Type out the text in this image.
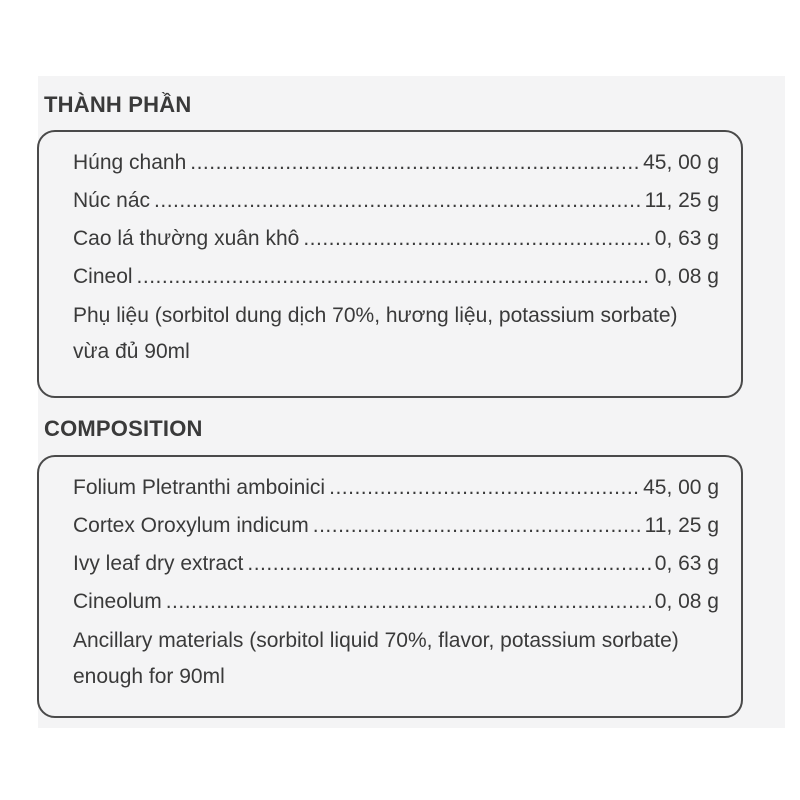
THÀNH PHẦN
Húng chanh .....	45, 00 g
Núc nác .....	11, 25 g
Cao lá thường xuân khô .....	0, 63 g
Cineol .....	0, 08 g
Phụ liệu (sorbitol dung dịch 70%, hương liệu, potassium sorbate) vừa đủ 90ml
COMPOSITION
Folium Pletranthi amboinici .....	45, 00 g
Cortex Oroxylum indicum .....	11, 25 g
Ivy leaf dry extract .....	0, 63 g
Cineolum .....	0, 08 g
Ancillary materials (sorbitol liquid 70%, flavor, potassium sorbate) enough for 90ml
